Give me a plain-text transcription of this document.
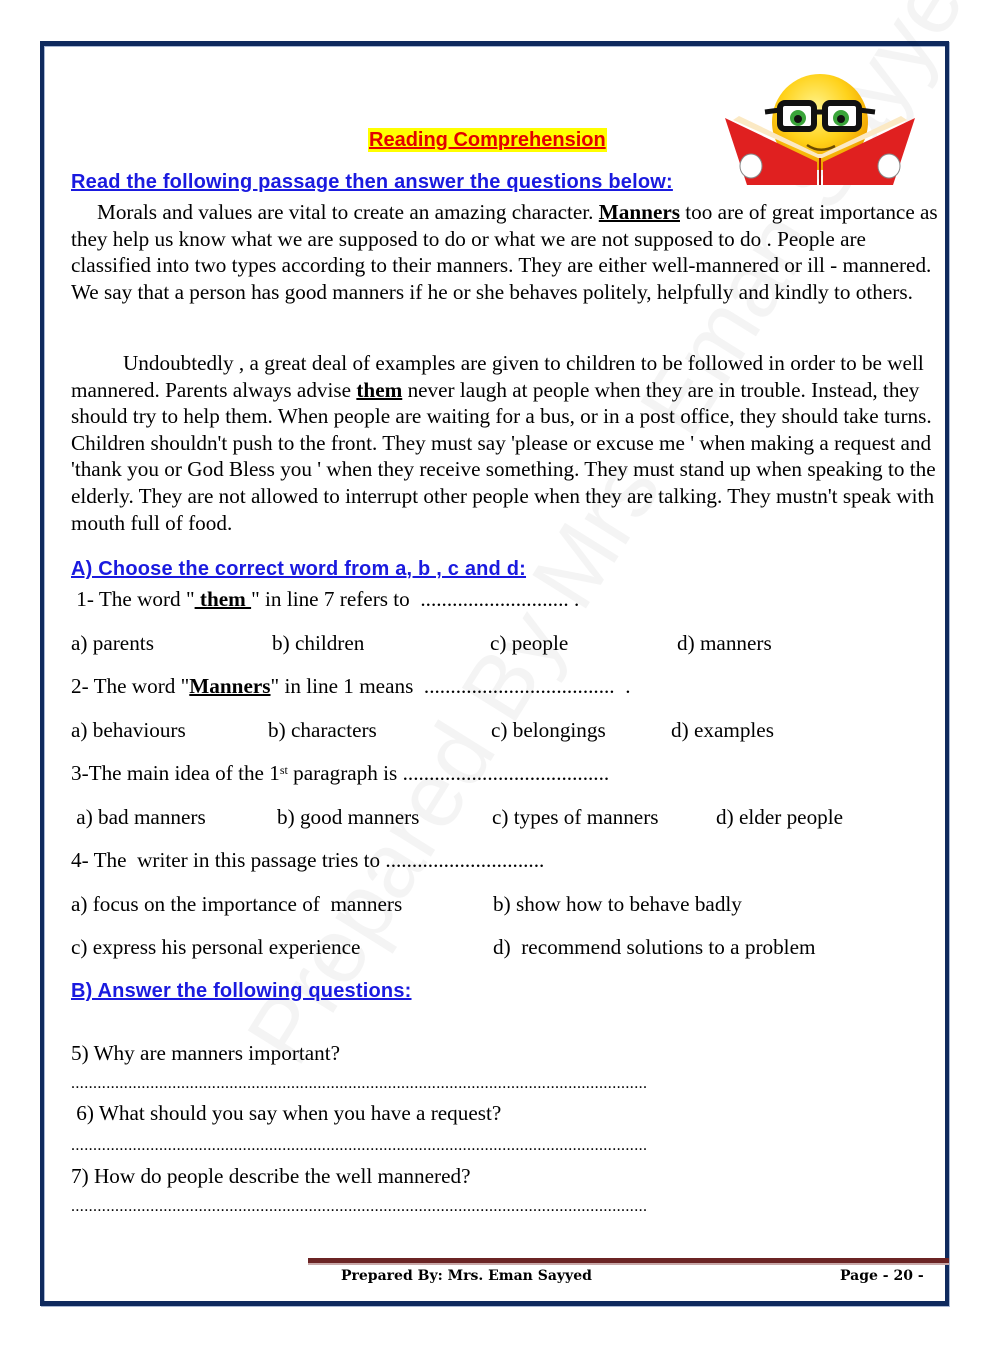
Reading Comprehension
Read the following passage then answer the questions below:
Morals and values are vital to create an amazing character. Manners too are of great importance as they help us know what we are supposed to do or what we are not supposed to do . People are classified into two types according to their manners. They are either well-mannered or ill - mannered. We say that a person has good manners if he or she behaves politely, helpfully and kindly to others.
Undoubtedly , a great deal of examples are given to children to be followed in order to be well mannered. Parents always advise them never laugh at people when they are in trouble. Instead, they should try to help them. When people are waiting for a bus, or in a post office, they should take turns. Children shouldn't push to the front. They must say 'please or excuse me ' when making a request and 'thank you or God Bless you ' when they receive something. They must stand up when speaking to the elderly. They are not allowed to interrupt other people when they are talking. They mustn't speak with mouth full of food.
A) Choose the correct word from a, b , c and d:
1- The word " them " in line 7 refers to  ............................ .
a) parents	b) children	c) people	d) manners
2- The word "Manners" in line 1 means  ....................................  .
a) behaviours	b) characters	c) belongings	d) examples
3-The main idea of the 1st paragraph is .......................................
a) bad manners	b) good manners	c) types of manners	d) elder people
4- The  writer in this passage tries to ..............................
a) focus on the importance of  manners	b) show how to behave badly
c) express his personal experience	d)  recommend solutions to a problem
B) Answer the following questions:
5) Why are manners important?
...................................................................................................................................
6) What should you say when you have a request?
...................................................................................................................................
7) How do people describe the well mannered?
...................................................................................................................................
Prepared By: Mrs. Eman Sayyed	Page - 20 -
